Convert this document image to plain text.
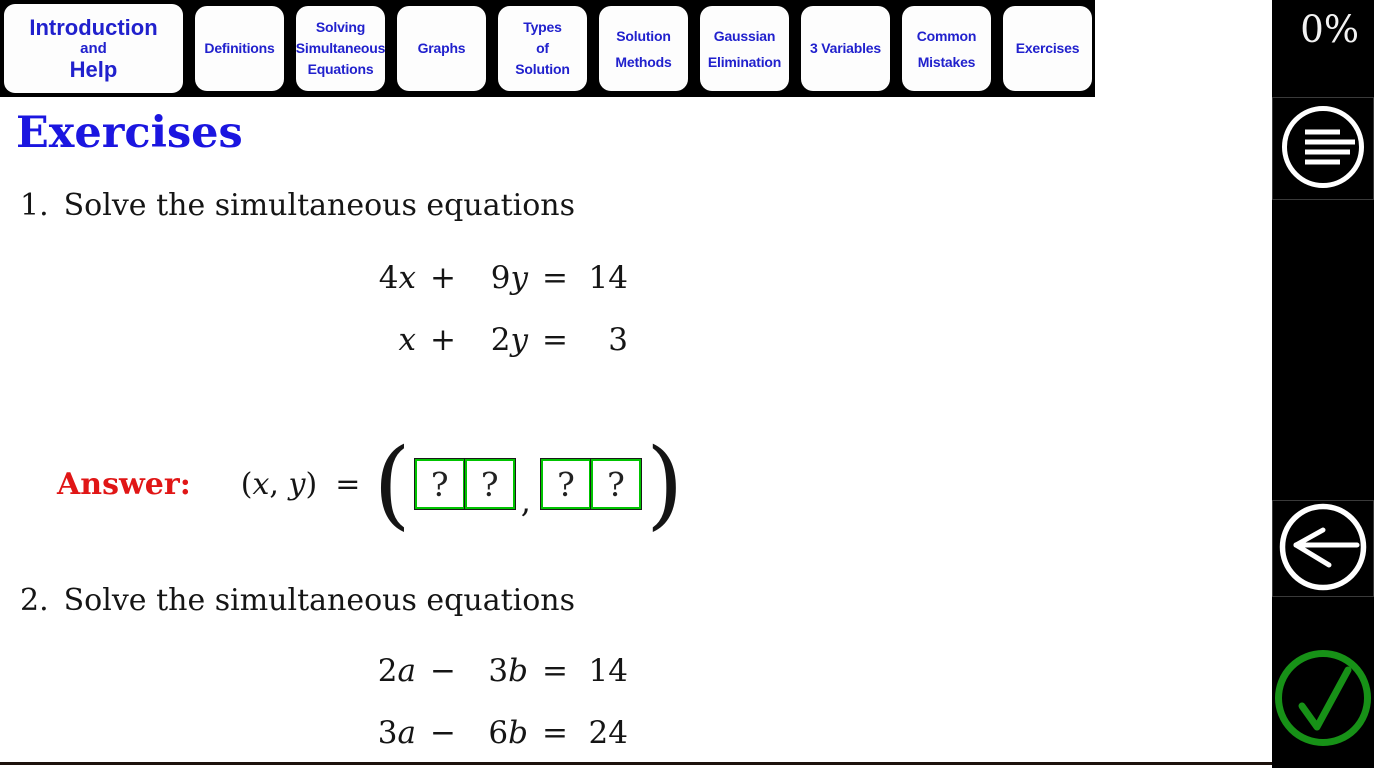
Introduction
and
Help
Definitions
Solving
Simultaneous
Equations
Graphs
Types
of
Solution
Solution
Methods
Gaussian
Elimination
3 Variables
Common
Mistakes
Exercises	0%
Exercises
1. Solve the simultaneous equations
4x +	9y = 14
x +	2y =	3
Answer: (x, y) = ( ? ? , ? ? )
2. Solve the simultaneous equations
2a −	3b = 14
3a −	6b = 24
